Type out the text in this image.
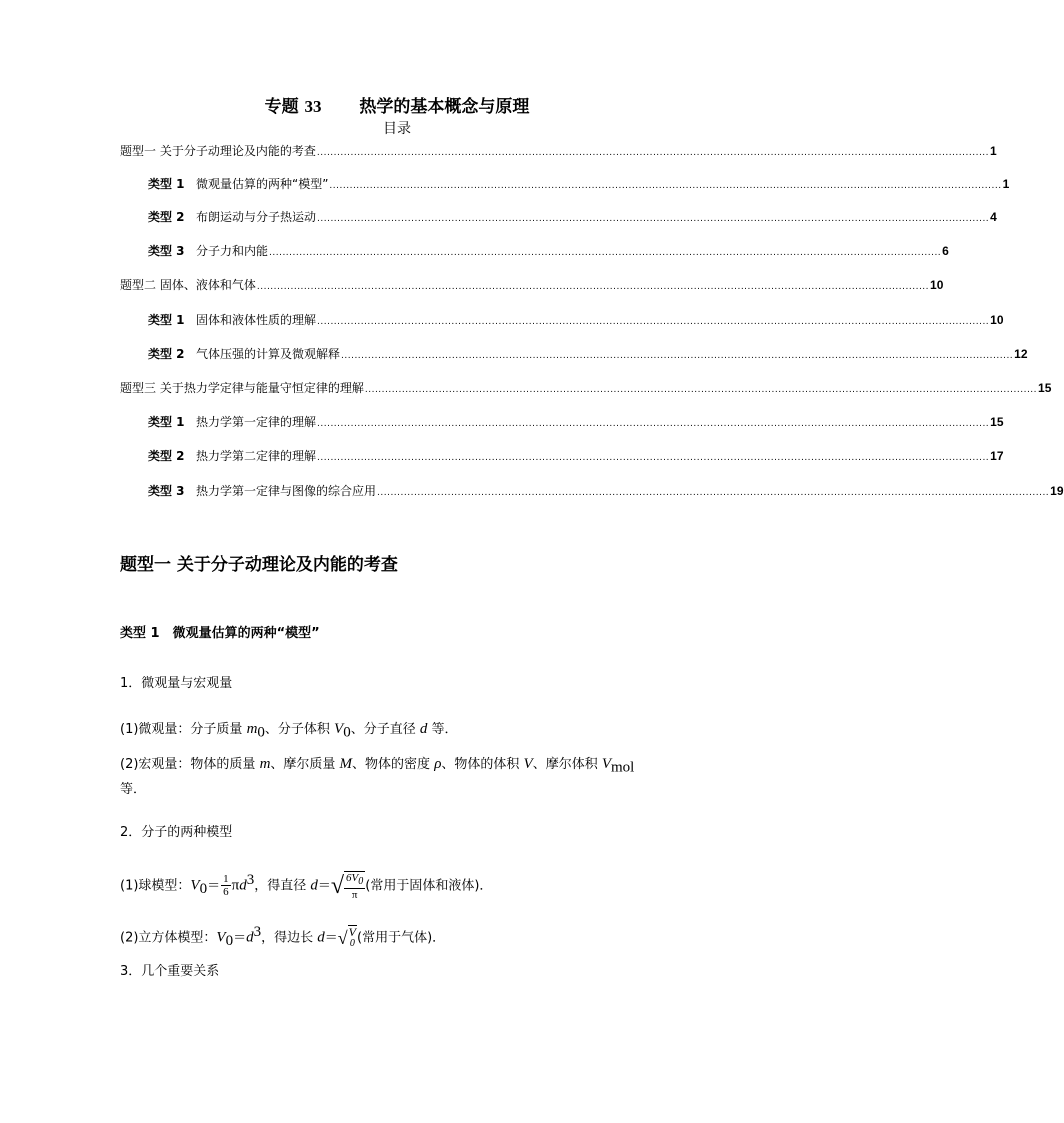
专题 33 热学的基本概念与原理
目录
题型一 关于分子动理论及内能的考查 ........................................................................................................................................................................................................ 1
类型 1 微观量估算的两种“模型” ........................................................................................................................................................................................................ 1
类型 2 布朗运动与分子热运动 ........................................................................................................................................................................................................ 4
类型 3 分子力和内能 ........................................................................................................................................................................................................ 6
题型二 固体、液体和气体 ........................................................................................................................................................................................................ 10
类型 1 固体和液体性质的理解 ........................................................................................................................................................................................................ 10
类型 2 气体压强的计算及微观解释 ........................................................................................................................................................................................................ 12
题型三 关于热力学定律与能量守恒定律的理解 ........................................................................................................................................................................................................ 15
类型 1 热力学第一定律的理解 ........................................................................................................................................................................................................ 15
类型 2 热力学第二定律的理解 ........................................................................................................................................................................................................ 17
类型 3 热力学第一定律与图像的综合应用 ........................................................................................................................................................................................................ 19
题型一 关于分子动理论及内能的考查
类型 1　微观量估算的两种“模型”
1．微观量与宏观量
(1)微观量：分子质量 $m_0$、分子体积 $V_0$、分子直径 d 等．
(2)宏观量：物体的质量 m、摩尔质量 M、物体的密度 ρ、物体的体积 V、摩尔体积 $V_{mol}$
等．
2．分子的两种模型
(1)球模型：$V_0= \frac{1}{6} \pi d^3$，得直径 d＝ √ $6V_0$
π
(常用于固体和液体)．
(2)立方体模型：$V_0=d^3$，得边长 d＝ √ V
0 (常用于气体)．
3．几个重要关系
